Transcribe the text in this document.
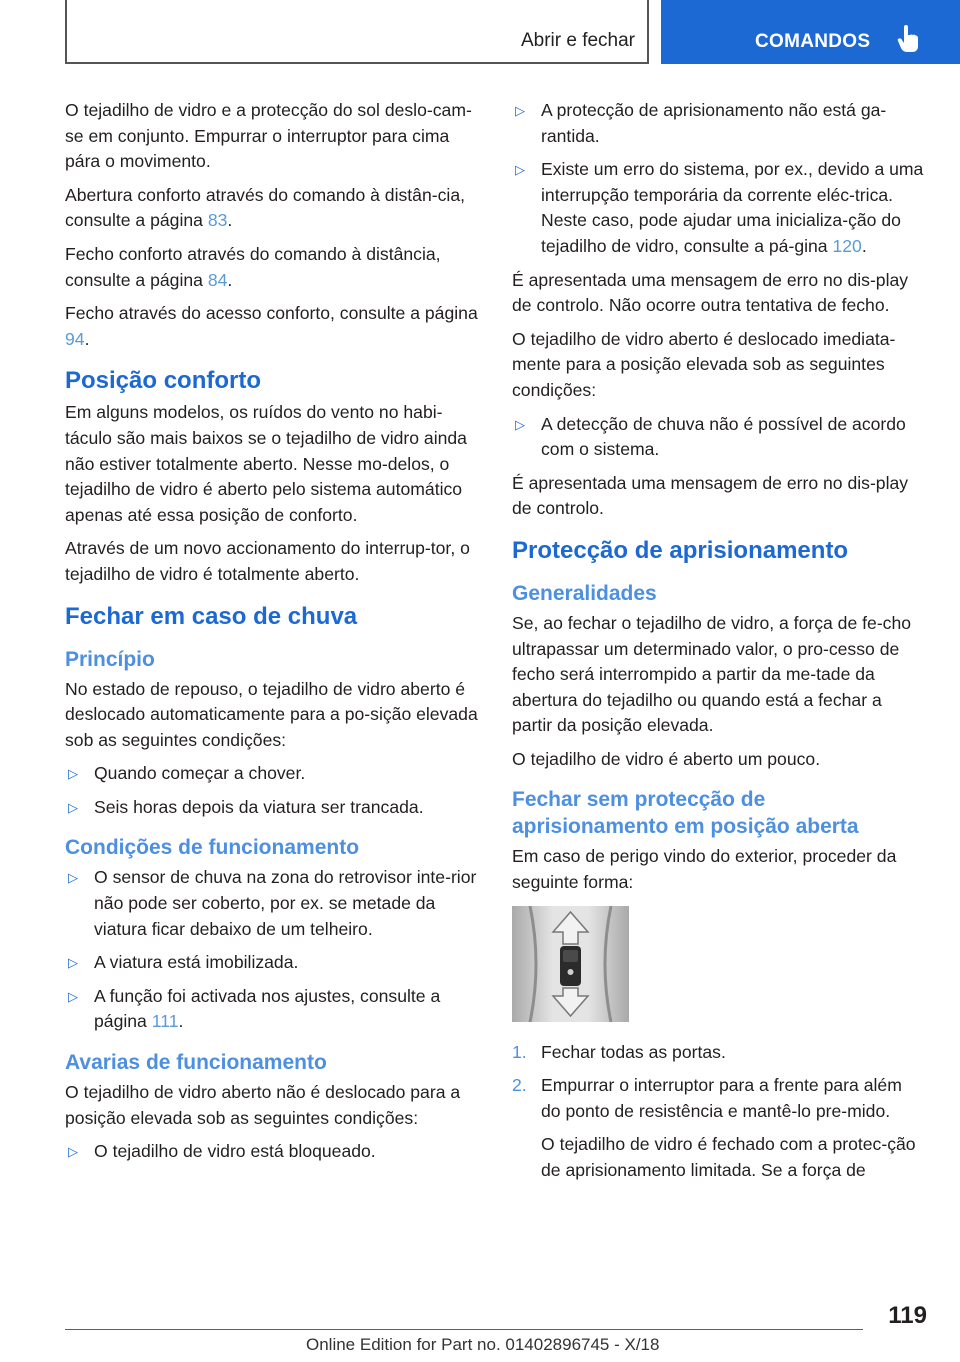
Abrir e fechar	COMANDOS

O tejadilho de vidro e a protecção do sol deslo-cam-se em conjunto. Empurrar o interruptor para cima pára o movimento.

Abertura conforto através do comando à distân-cia, consulte a página 83.

Fecho conforto através do comando à distância, consulte a página 84.

Fecho através do acesso conforto, consulte a página 94.

Posição conforto

Em alguns modelos, os ruídos do vento no habi-táculo são mais baixos se o tejadilho de vidro ainda não estiver totalmente aberto. Nesse mo-delos, o tejadilho de vidro é aberto pelo sistema automático apenas até essa posição de conforto.

Através de um novo accionamento do interrup-tor, o tejadilho de vidro é totalmente aberto.

Fechar em caso de chuva
Princípio

No estado de repouso, o tejadilho de vidro aberto é deslocado automaticamente para a po-sição elevada sob as seguintes condições:

▷ Quando começar a chover.
▷ Seis horas depois da viatura ser trancada.
Condições de funcionamento
▷ O sensor de chuva na zona do retrovisor inte-rior não pode ser coberto, por ex. se metade da viatura ficar debaixo de um telheiro.
▷ A viatura está imobilizada.
▷ A função foi activada nos ajustes, consulte a página 111.
Avarias de funcionamento

O tejadilho de vidro aberto não é deslocado para a posição elevada sob as seguintes condições:

▷ O tejadilho de vidro está bloqueado.
▷ A protecção de aprisionamento não está ga-rantida.
▷ Existe um erro do sistema, por ex., devido a uma interrupção temporária da corrente eléc-trica. Neste caso, pode ajudar uma inicializa-ção do tejadilho de vidro, consulte a pá-gina 120.

É apresentada uma mensagem de erro no dis-play de controlo. Não ocorre outra tentativa de fecho.

O tejadilho de vidro aberto é deslocado imediata-mente para a posição elevada sob as seguintes condições:

▷ A detecção de chuva não é possível de acordo com o sistema.

É apresentada uma mensagem de erro no dis-play de controlo.

Protecção de aprisionamento
Generalidades

Se, ao fechar o tejadilho de vidro, a força de fe-cho ultrapassar um determinado valor, o pro-cesso de fecho será interrompido a partir da me-tade da abertura do tejadilho ou quando está a fechar a partir da posição elevada.

O tejadilho de vidro é aberto um pouco.

Fechar sem protecção de aprisionamento em posição aberta

Em caso de perigo vindo do exterior, proceder da seguinte forma:

1. Fechar todas as portas.
2. Empurrar o interruptor para a frente para além do ponto de resistência e mantê-lo pre-mido.
O tejadilho de vidro é fechado com a protec-ção de aprisionamento limitada. Se a força de
119
Online Edition for Part no. 01402896745 - X/18
